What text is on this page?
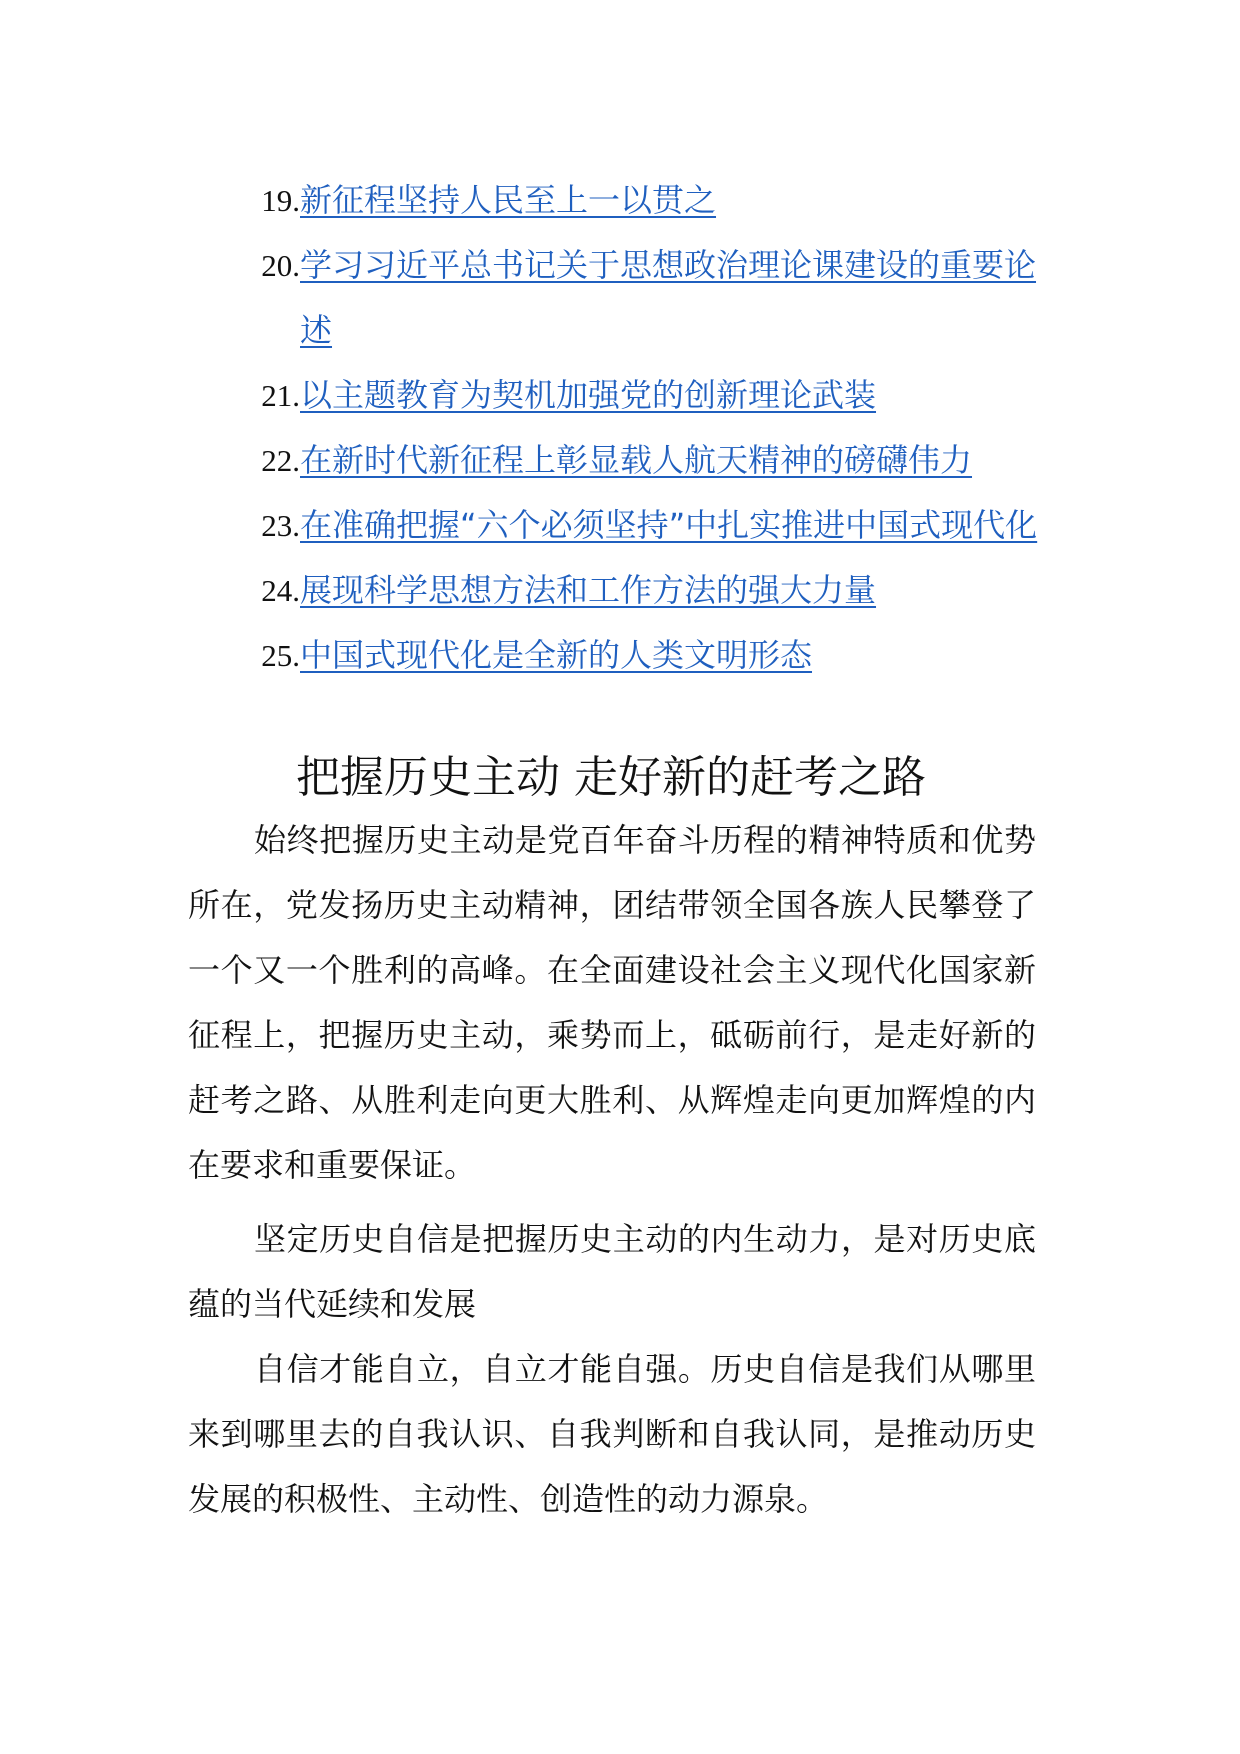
19. 新征程坚持人民至上一以贯之
20. 学习习近平总书记关于思想政治理论课建设的重要论述
21. 以主题教育为契机加强党的创新理论武装
22. 在新时代新征程上彰显载人航天精神的磅礴伟力
23. 在准确把握“六个必须坚持”中扎实推进中国式现代化
24. 展现科学思想方法和工作方法的强大力量
25. 中国式现代化是全新的人类文明形态
把握历史主动 走好新的赶考之路

始终把握历史主动是党百年奋斗历程的精神特质和优势所在，党发扬历史主动精神，团结带领全国各族人民攀登了一个又一个胜利的高峰。在全面建设社会主义现代化国家新征程上，把握历史主动，乘势而上，砥砺前行，是走好新的赶考之路、从胜利走向更大胜利、从辉煌走向更加辉煌的内在要求和重要保证。

坚定历史自信是把握历史主动的内生动力，是对历史底蕴的当代延续和发展

自信才能自立，自立才能自强。历史自信是我们从哪里来到哪里去的自我认识、自我判断和自我认同，是推动历史发展的积极性、主动性、创造性的动力源泉。
